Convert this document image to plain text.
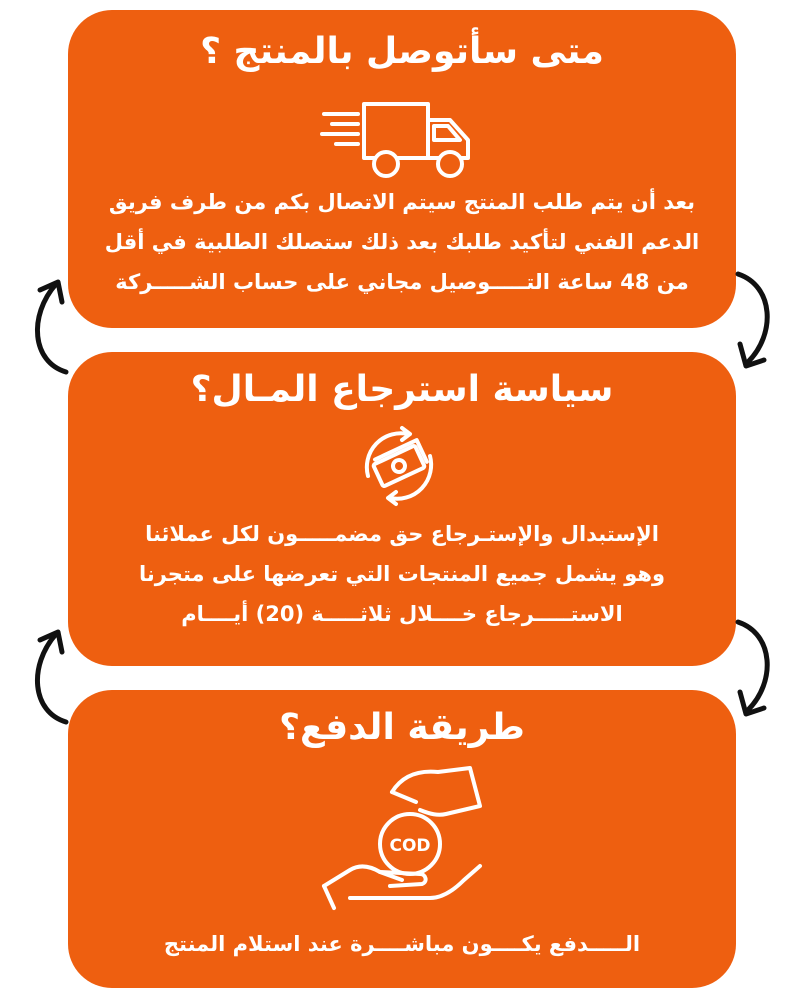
متى سأتوصل بالمنتج ؟
بعد أن يتم طلب المنتج سيتم الاتصال بكم من طرف فريق
الدعم الفني لتأكيد طلبك بعد ذلك ستصلك الطلبية في أقل
من 48 ساعة التـــــوصيل مجاني على حساب الشـــــركة
سياسة استرجاع المـال؟
الإستبدال والإستـرجاع حق مضمـــــون لكل عملائنا
وهو يشمل جميع المنتجات التي تعرضها على متجرنا
الاستـــــرجاع خــــلال ثلاثـــــة (20) أيــــام
طريقة الدفع؟
COD
الـــــدفع يكــــون مباشــــرة عند استلام المنتج
